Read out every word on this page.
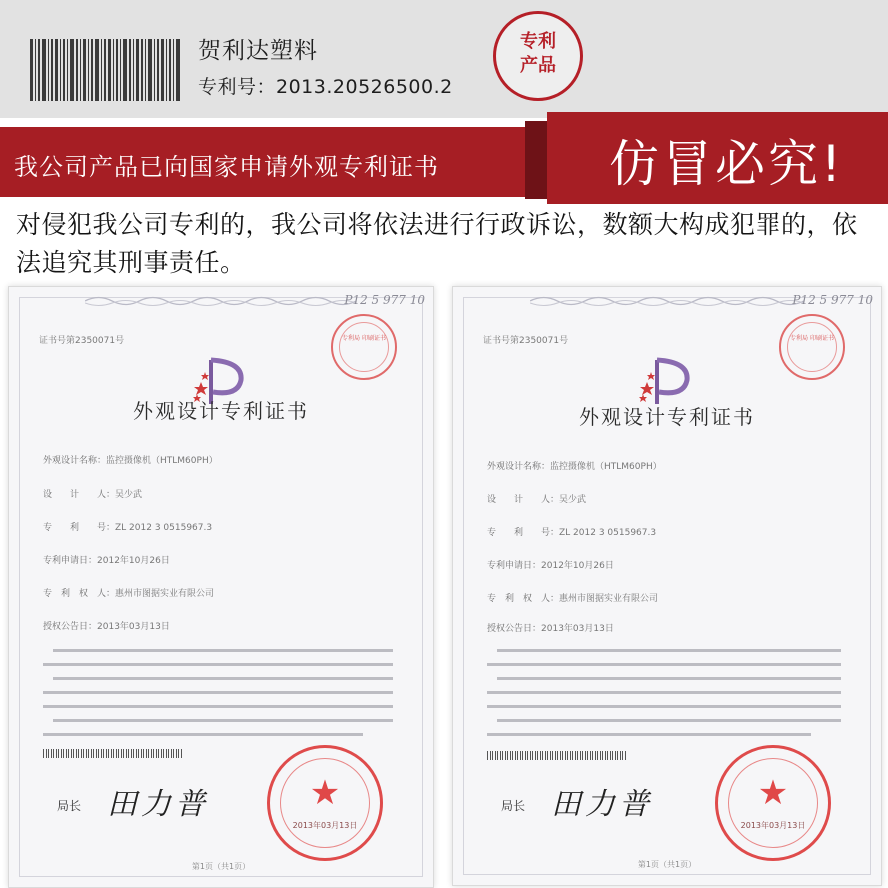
贺利达塑料
专利号：2013.20526500.2
专利
产品
我公司产品已向国家申请外观专利证书	仿冒必究!
对侵犯我公司专利的，我公司将依法进行行政诉讼，数额大构成犯罪的，依法追究其刑事责任。
P12 5 977 10
证书号第2350071号	专利局 印刷证书
外观设计专利证书
外观设计名称：监控摄像机（HTLM60PH）
设　　计　　人：吴少武
专　　利　　号：ZL 2012 3 0515967.3
专利申请日：2012年10月26日
专　利　权　人：惠州市图据实业有限公司
授权公告日：2013年03月13日
局长 田力普	★
2013年03月13日
第1页（共1页）
P12 5 977 10
证书号第2350071号	专利局 印刷证书
外观设计专利证书
外观设计名称：监控摄像机（HTLM60PH）
设　　计　　人：吴少武
专　　利　　号：ZL 2012 3 0515967.3
专利申请日：2012年10月26日
专　利　权　人：惠州市图据实业有限公司
授权公告日：2013年03月13日
局长 田力普	★
2013年03月13日
第1页（共1页）
